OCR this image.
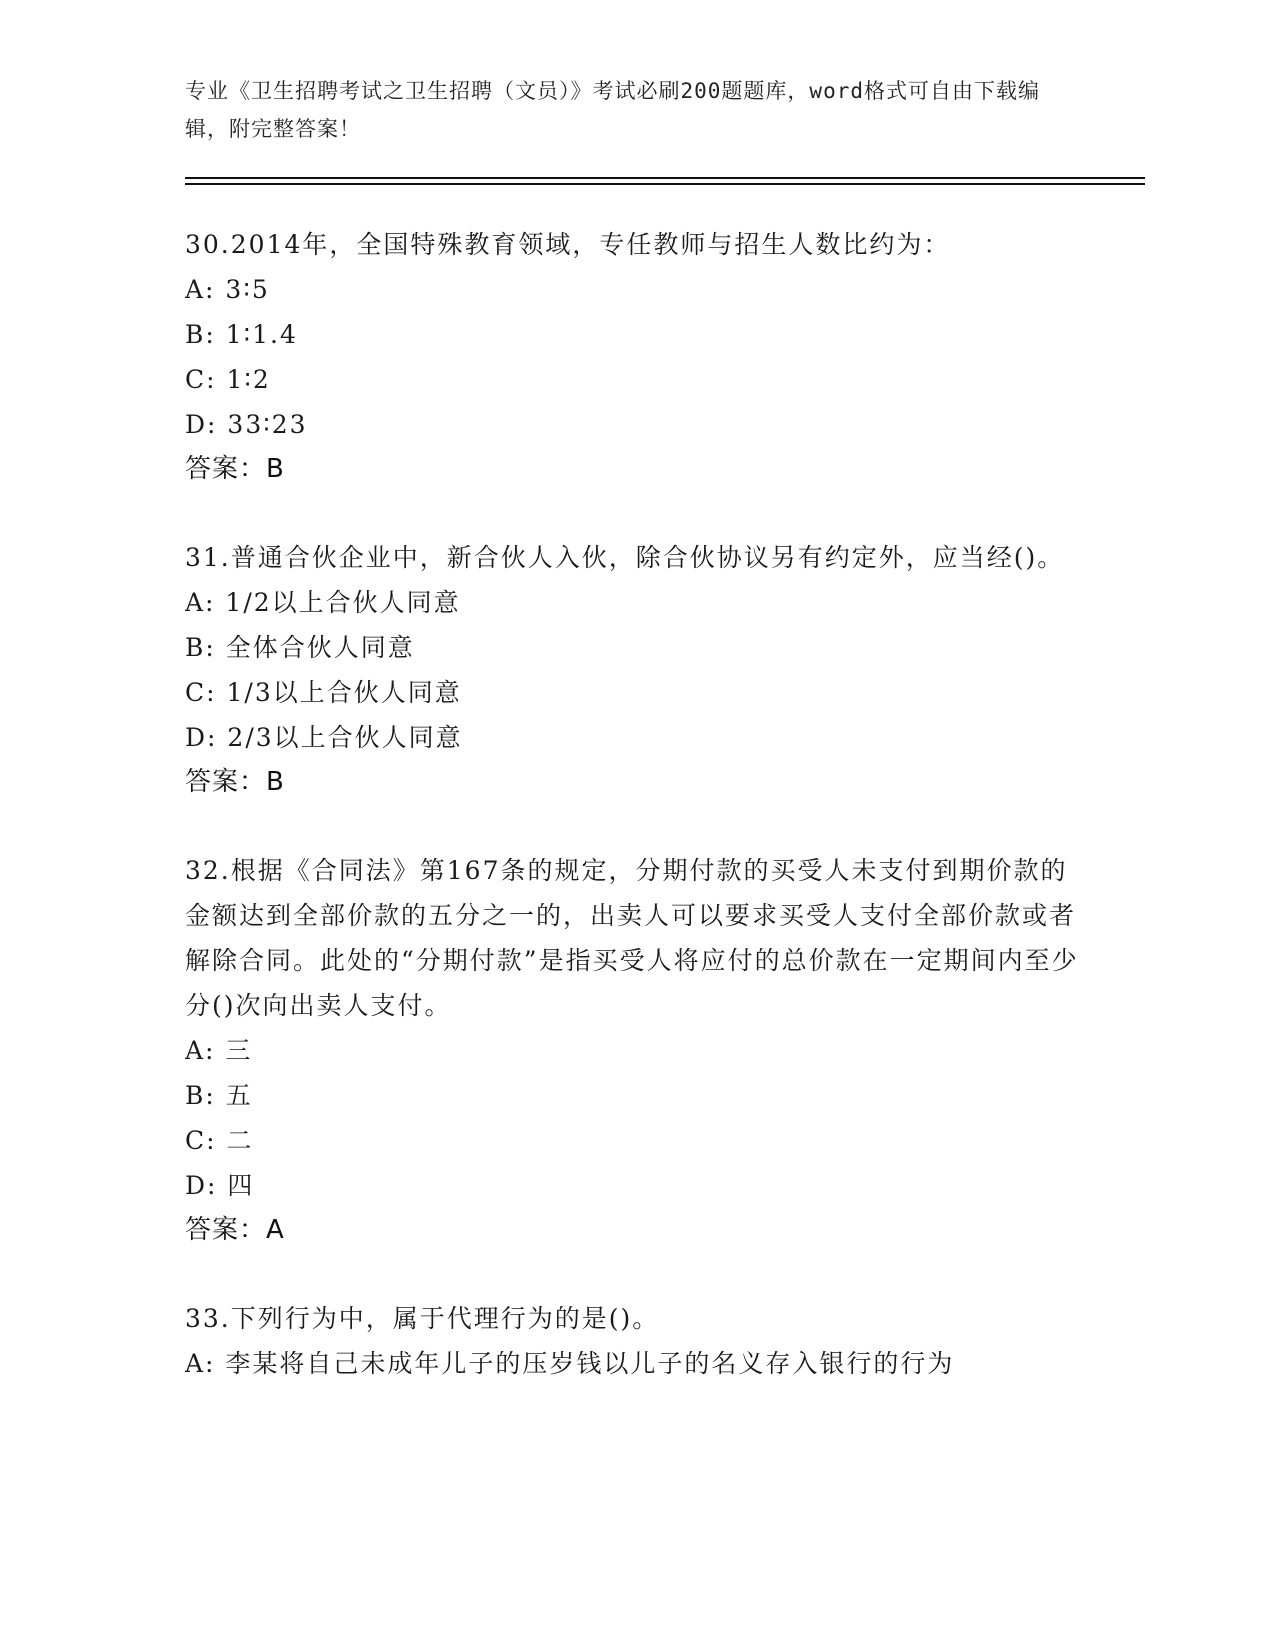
专业《卫生招聘考试之卫生招聘（文员）》考试必刷200题题库，word格式可自由下载编辑，附完整答案！
30.2014年，全国特殊教育领域，专任教师与招生人数比约为：
A: 3∶5
B: 1∶1.4
C: 1∶2
D: 33∶23
答案：B
31.普通合伙企业中，新合伙人入伙，除合伙协议另有约定外，应当经()。
A: 1/2以上合伙人同意
B: 全体合伙人同意
C: 1/3以上合伙人同意
D: 2/3以上合伙人同意
答案：B
32.根据《合同法》第167条的规定，分期付款的买受人未支付到期价款的金额达到全部价款的五分之一的，出卖人可以要求买受人支付全部价款或者解除合同。此处的“分期付款”是指买受人将应付的总价款在一定期间内至少分()次向出卖人支付。
A: 三
B: 五
C: 二
D: 四
答案：A
33.下列行为中，属于代理行为的是()。
A: 李某将自己未成年儿子的压岁钱以儿子的名义存入银行的行为
